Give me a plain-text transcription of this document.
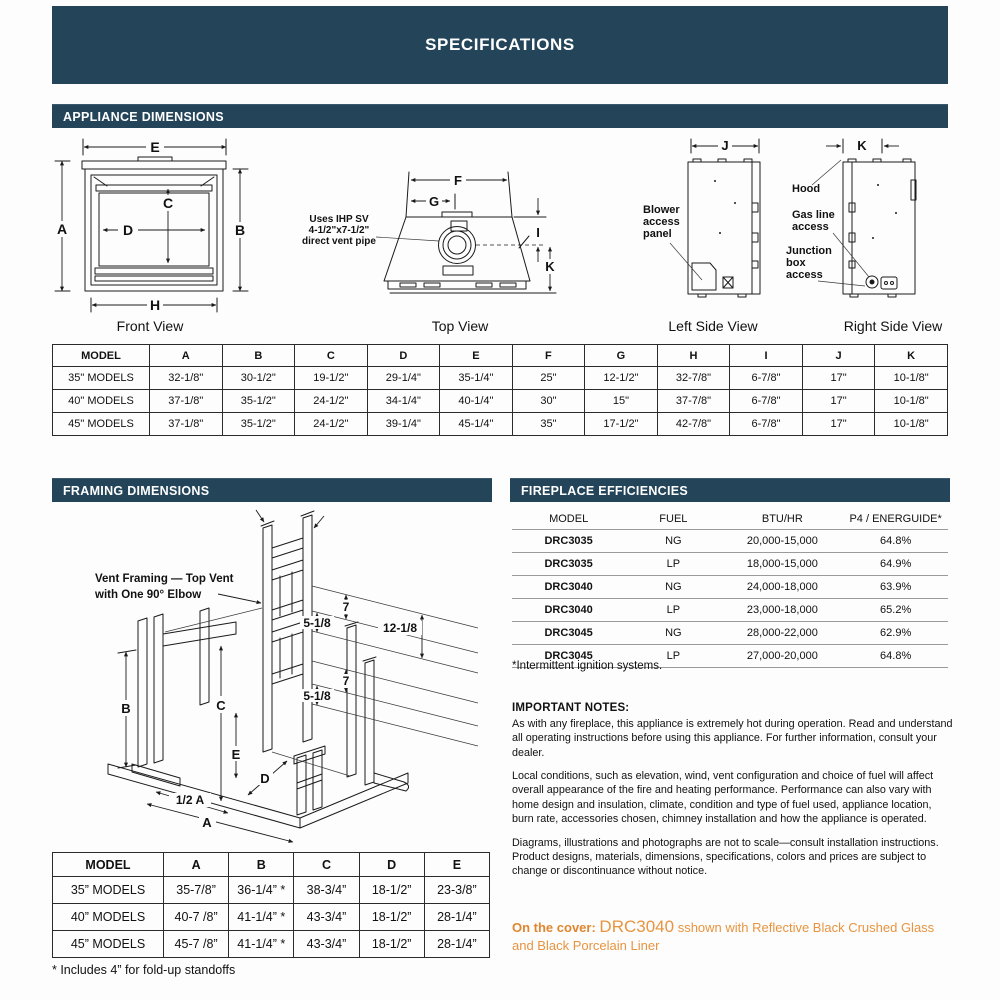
SPECIFICATIONS
APPLIANCE DIMENSIONS
E
A	B
C
D
H
Uses IHP SV
4-1/2"x7-1/2"
direct vent pipe
F
G
I
K
J
Blower
access
panel
K
Hood
Gas line
access
Junction
box
access
Front View	Top View	Left Side View	Right Side View
MODEL	A	B	C	D	E	F	G	H	I	J	K
35" MODELS	32-1/8"	30-1/2"	19-1/2"	29-1/4"	35-1/4"	25"	12-1/2"	32-7/8"	6-7/8"	17"	10-1/8"
40" MODELS	37-1/8"	35-1/2"	24-1/2"	34-1/4"	40-1/4"	30"	15"	37-7/8"	6-7/8"	17"	10-1/8"
45" MODELS	37-1/8"	35-1/2"	24-1/2"	39-1/4"	45-1/4"	35"	17-1/2"	42-7/8"	6-7/8"	17"	10-1/8"
FRAMING DIMENSIONS
Vent Framing — Top Vent
with One 90° Elbow
B
7
5-1/8	12-1/8
7
5-1/8
C
E
D
1/2 A
A
MODEL	A	B	C	D	E
35” MODELS	35-7/8”	36-1/4” *	38-3/4”	18-1/2”	23-3/8”
40” MODELS	40-7 /8”	41-1/4” *	43-3/4”	18-1/2”	28-1/4”
45” MODELS	45-7 /8”	41-1/4” *	43-3/4”	18-1/2”	28-1/4”
* Includes 4” for fold-up standoffs
FIREPLACE EFFICIENCIES
MODEL	FUEL	BTU/HR	P4 / ENERGUIDE*
DRC3035	NG	20,000-15,000	64.8%
DRC3035	LP	18,000-15,000	64.9%
DRC3040	NG	24,000-18,000	63.9%
DRC3040	LP	23,000-18,000	65.2%
DRC3045	NG	28,000-22,000	62.9%
DRC3045	LP	27,000-20,000	64.8%
*Intermittent ignition systems.
IMPORTANT NOTES:

As with any fireplace, this appliance is extremely hot during operation. Read and understand all operating instructions before using this appliance. For further information, consult your dealer.

Local conditions, such as elevation, wind, vent configuration and choice of fuel will affect overall appearance of the fire and heating performance. Performance can also vary with home design and insulation, climate, condition and type of fuel used, appliance location, burn rate, accessories chosen, chimney installation and how the appliance is operated.

Diagrams, illustrations and photographs are not to scale—consult installation instructions. Product designs, materials, dimensions, specifications, colors and prices are subject to change or discontinuance without notice.

On the cover: DRC3040 sshown with Reflective Black Crushed Glass and Black Porcelain Liner
